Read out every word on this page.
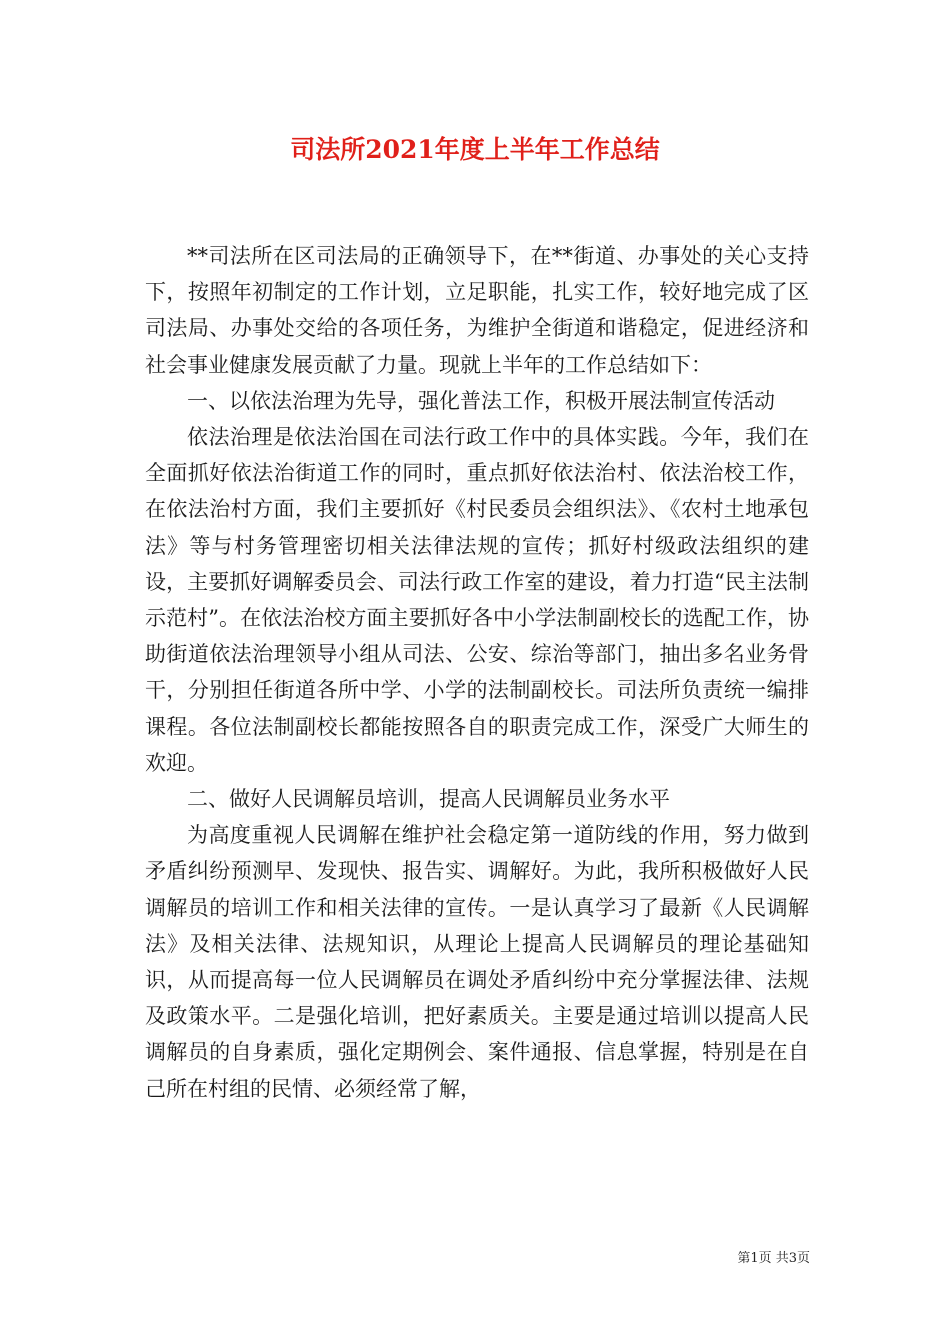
司法所2021年度上半年工作总结

**司法所在区司法局的正确领导下，在**街道、办事处的关心支持下，按照年初制定的工作计划，立足职能，扎实工作，较好地完成了区司法局、办事处交给的各项任务，为维护全街道和谐稳定，促进经济和社会事业健康发展贡献了力量。现就上半年的工作总结如下：

一、以依法治理为先导，强化普法工作，积极开展法制宣传活动

依法治理是依法治国在司法行政工作中的具体实践。今年，我们在全面抓好依法治街道工作的同时，重点抓好依法治村、依法治校工作，在依法治村方面，我们主要抓好《村民委员会组织法》、《农村土地承包法》等与村务管理密切相关法律法规的宣传；抓好村级政法组织的建设，主要抓好调解委员会、司法行政工作室的建设，着力打造“民主法制示范村”。在依法治校方面主要抓好各中小学法制副校长的选配工作，协助街道依法治理领导小组从司法、公安、综治等部门，抽出多名业务骨干，分别担任街道各所中学、小学的法制副校长。司法所负责统一编排课程。各位法制副校长都能按照各自的职责完成工作，深受广大师生的欢迎。

二、做好人民调解员培训，提高人民调解员业务水平

为高度重视人民调解在维护社会稳定第一道防线的作用，努力做到矛盾纠纷预测早、发现快、报告实、调解好。为此，我所积极做好人民调解员的培训工作和相关法律的宣传。一是认真学习了最新《人民调解法》及相关法律、法规知识，从理论上提高人民调解员的理论基础知识，从而提高每一位人民调解员在调处矛盾纠纷中充分掌握法律、法规及政策水平。二是强化培训，把好素质关。主要是通过培训以提高人民调解员的自身素质，强化定期例会、案件通报、信息掌握，特别是在自己所在村组的民情、必须经常了解，

第1页 共3页
